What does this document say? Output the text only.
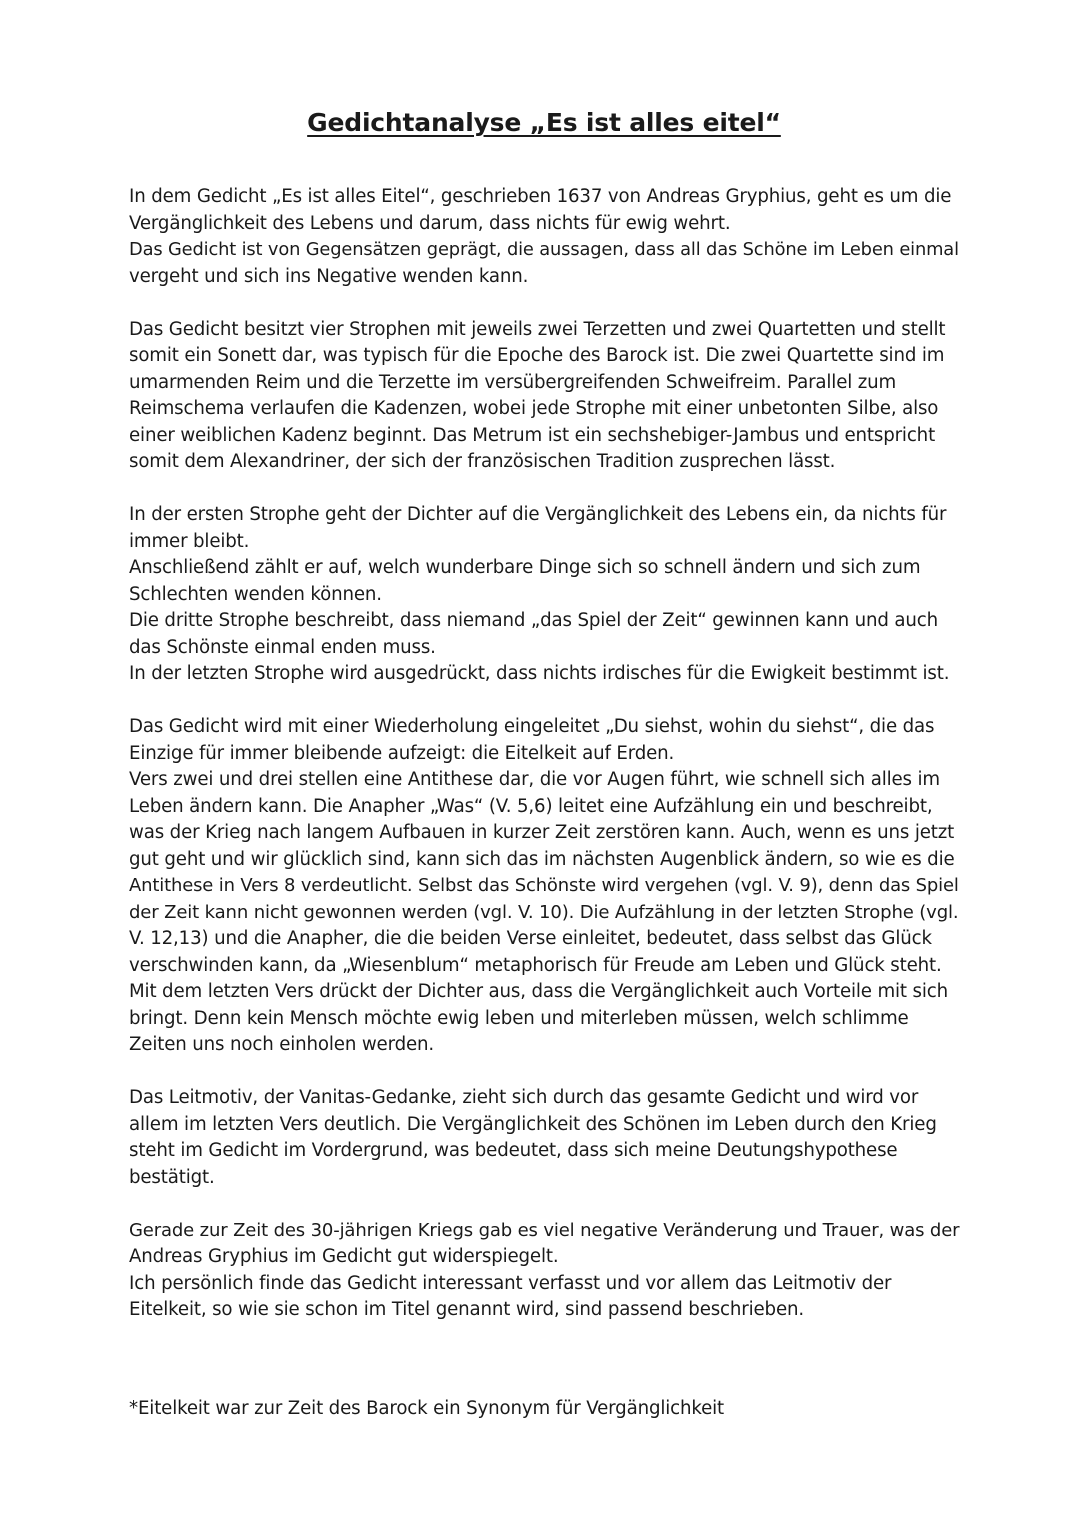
Gedichtanalyse „Es ist alles eitel“

In dem Gedicht „Es ist alles Eitel“, geschrieben 1637 von Andreas Gryphius, geht es um die
Vergänglichkeit des Lebens und darum, dass nichts für ewig wehrt.
Das Gedicht ist von Gegensätzen geprägt, die aussagen, dass all das Schöne im Leben einmal
vergeht und sich ins Negative wenden kann.

Das Gedicht besitzt vier Strophen mit jeweils zwei Terzetten und zwei Quartetten und stellt
somit ein Sonett dar, was typisch für die Epoche des Barock ist. Die zwei Quartette sind im
umarmenden Reim und die Terzette im versübergreifenden Schweifreim. Parallel zum
Reimschema verlaufen die Kadenzen, wobei jede Strophe mit einer unbetonten Silbe, also
einer weiblichen Kadenz beginnt. Das Metrum ist ein sechshebiger-Jambus und entspricht
somit dem Alexandriner, der sich der französischen Tradition zusprechen lässt.

In der ersten Strophe geht der Dichter auf die Vergänglichkeit des Lebens ein, da nichts für
immer bleibt.
Anschließend zählt er auf, welch wunderbare Dinge sich so schnell ändern und sich zum
Schlechten wenden können.
Die dritte Strophe beschreibt, dass niemand „das Spiel der Zeit“ gewinnen kann und auch
das Schönste einmal enden muss.
In der letzten Strophe wird ausgedrückt, dass nichts irdisches für die Ewigkeit bestimmt ist.

Das Gedicht wird mit einer Wiederholung eingeleitet „Du siehst, wohin du siehst“, die das
Einzige für immer bleibende aufzeigt: die Eitelkeit auf Erden.
Vers zwei und drei stellen eine Antithese dar, die vor Augen führt, wie schnell sich alles im
Leben ändern kann. Die Anapher „Was“ (V. 5,6) leitet eine Aufzählung ein und beschreibt,
was der Krieg nach langem Aufbauen in kurzer Zeit zerstören kann. Auch, wenn es uns jetzt
gut geht und wir glücklich sind, kann sich das im nächsten Augenblick ändern, so wie es die
Antithese in Vers 8 verdeutlicht. Selbst das Schönste wird vergehen (vgl. V. 9), denn das Spiel
der Zeit kann nicht gewonnen werden (vgl. V. 10). Die Aufzählung in der letzten Strophe (vgl.
V. 12,13) und die Anapher, die die beiden Verse einleitet, bedeutet, dass selbst das Glück
verschwinden kann, da „Wiesenblum“ metaphorisch für Freude am Leben und Glück steht.
Mit dem letzten Vers drückt der Dichter aus, dass die Vergänglichkeit auch Vorteile mit sich
bringt. Denn kein Mensch möchte ewig leben und miterleben müssen, welch schlimme
Zeiten uns noch einholen werden.

Das Leitmotiv, der Vanitas-Gedanke, zieht sich durch das gesamte Gedicht und wird vor
allem im letzten Vers deutlich. Die Vergänglichkeit des Schönen im Leben durch den Krieg
steht im Gedicht im Vordergrund, was bedeutet, dass sich meine Deutungshypothese
bestätigt.

Gerade zur Zeit des 30-jährigen Kriegs gab es viel negative Veränderung und Trauer, was der
Andreas Gryphius im Gedicht gut widerspiegelt.
Ich persönlich finde das Gedicht interessant verfasst und vor allem das Leitmotiv der
Eitelkeit, so wie sie schon im Titel genannt wird, sind passend beschrieben.

*Eitelkeit war zur Zeit des Barock ein Synonym für Vergänglichkeit
